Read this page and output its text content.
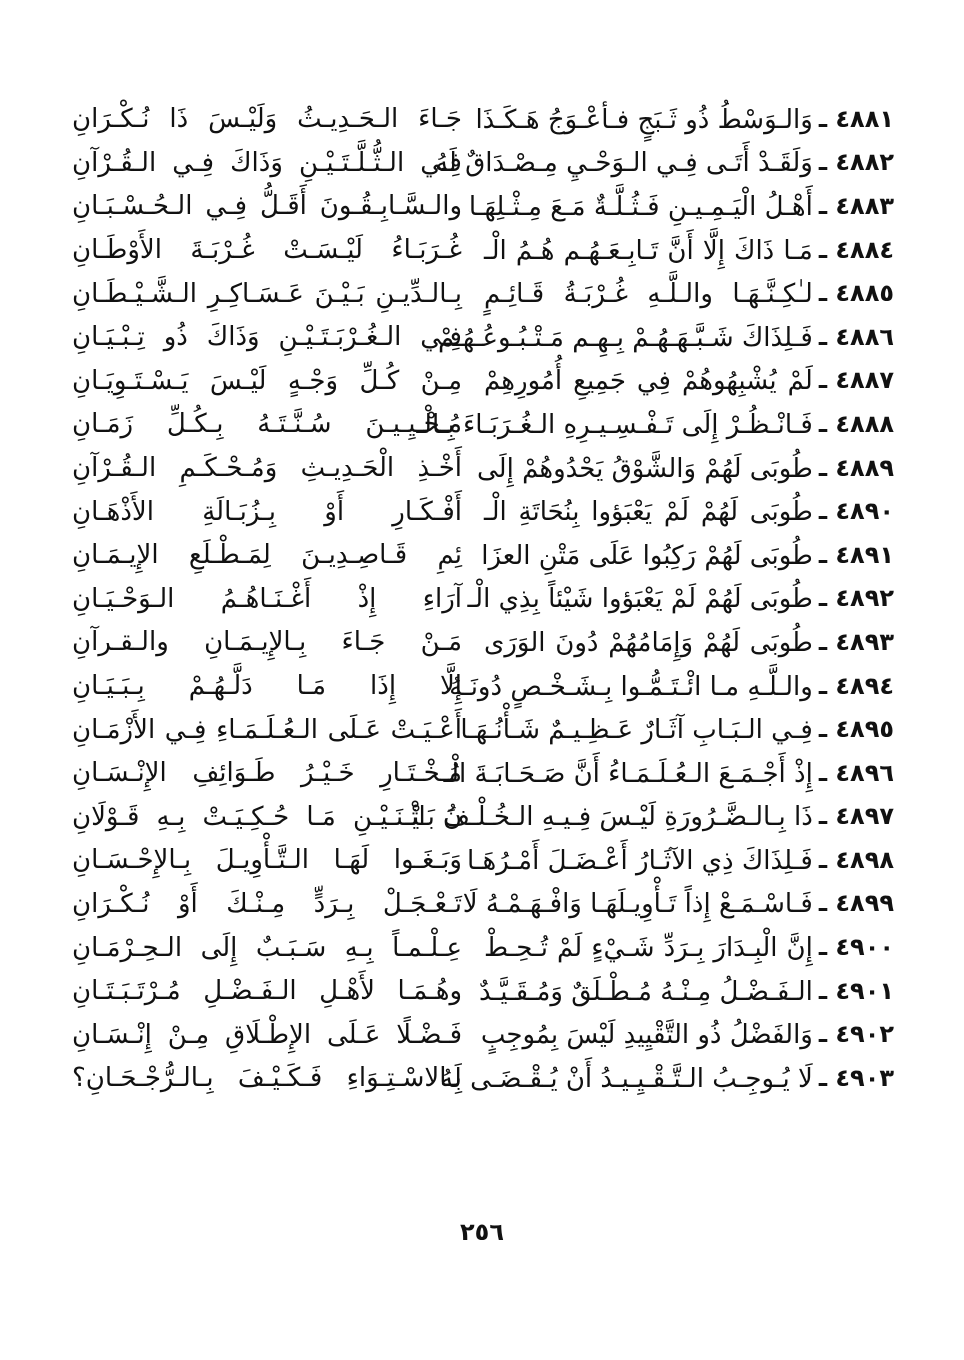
٤٨٨١ ـ
وَالـوَسْطُ ذُو ثَـبَجٍ فـأعْـوَجُ هَـكَـذَا
جَـاءَ الـحَـدِيـثُ وَلَيْـسَ ذَا نُـكْـرَانِ
٤٨٨٢ ـ
وَلَقَـدْ أَتَـى فِـي الـوَحْـيِ مِـصْـدَاقٌ لَهُ
فِـي الـثُّـلَّـتَـيْـنِ وَذَاكَ فِـي الـقُـرْآنِ
٤٨٨٣ ـ
أَهْـلُ الْيَـمِـيـنِ فَـثُـلَّـةٌ مَـعَ مِـثْـلِهَـا
والـسَّـابِـقُـونَ أَقَـلُّ فِـي الـحُـسْـبَـانِ
٤٨٨٤ ـ
مَـا ذَاكَ إِلَّا أَنَّ تَـابِـعَـهُـم هُـمُ الْـ
غُـرَبَـاءُ لَيْـسَـتْ غُـرْبَـةَ الأَوْطَـانِ
٤٨٨٥ ـ
لـٰكِـنَّـهَـا والـلَّـهِ غُـرْبَـةُ قَـائِـمٍ
بِـالـدِّيـنِ بَـيْـنَ عَـسَـاكِـرِ الـشَّـيْـطَـانِ
٤٨٨٦ ـ
فَـلِذَاكَ شَـبَّـهَـهُـمْ بِـهِـم مَـتْـبُـوعُـهُـمْ
فِـي الـغُـرْبَـتَـيْـنِ وَذَاكَ ذُو تِـبْـيَـانِ
٤٨٨٧ ـ
لَمْ يُشْبِهُوهُمْ فِي جَمِيعِ أُمُورِهِمْ
مِـنْ كُـلِّ وَجْـهٍ لَيْـسَ يَـسْـتَـوِيَـانِ
٤٨٨٨ ـ
فَـانْـظُـرْ إِلَى تَـفْـسِـيـرِهِ الـغُـرَبَـاءَ بِـالْـ
مُـحْـيِـيـنَ سُـنَّـتَـهُ بِـكُـلِّ زَمَـانِ
٤٨٨٩ ـ
طُوبَى لَهُمْ وَالشَّوْقُ يَحْدُوهُمْ إِلَى
أَخْـذِ الْحَـدِيـثِ وَمُـحْـكَـمِ الـقُـرْآنِ
٤٨٩٠ ـ
طُوبَى لَهُمْ لَمْ يَعْبَؤوا بِنُحَاتَةِ الْـ
أَفْـكَـارِ أَوْ بِـزُبَـالَةِ الأَذْهَـانِ
٤٨٩١ ـ
طُوبَى لَهُمْ رَكِبُوا عَلَى مَتْنِ العزَا
ئِمِ قَـاصِـدِيـنَ لِمَـطْـلَعِ الإِيـمَـانِ
٤٨٩٢ ـ
طُوبَى لَهُمْ لَمْ يَعْبَؤوا شَيْئاً بِذِي الْـ
آرَاءِ إِذْ أَغْـنَـاهُـمُ الـوَحْـيَـانِ
٤٨٩٣ ـ
طُوبَى لَهُمْ وَإِمَامُهُمْ دُونَ الوَرَى
مَـنْ جَـاءَ بِـالإِيـمَـانِ والـقـرآنِ
٤٨٩٤ ـ
والـلَّـهِ مـا ائْـتَـمُّـوا بِـشَـخْـصٍ دُونَـهُ
إِلَّا إِذَا مَـا دَلَّـهُـمْ بِـبَـيَـانِ
٤٨٩٥ ـ
فِـي الـبَـابِ آثَـارٌ عَـظِـيـمٌ شَـأْنُـهَـا
أَعْـيَـتْ عَـلَى الـعُـلَـمَـاءِ فِـي الأَزْمَـانِ
٤٨٩٦ ـ
إِذْ أَجْـمَـعَ الـعُـلَـمَـاءُ أَنَّ صَـحَـابَـةَ الْـ
مُـخْـتَـارِ خَـيْـرُ طَـوَائِفِ الإِنْـسَـانِ
٤٨٩٧ ـ
ذَا بِـالـضَّـرُورَةِ لَيْـسَ فِـيـهِ الـخُـلْـفُ بَـيْـ
نَ اثْـنَـيْـنِ مَـا حُـكِـيَـتْ بِـهِ قَـوْلَانِ
٤٨٩٨ ـ
فَـلِذَاكَ ذِي الآثَـارُ أَعْـضَـلَ أَمْـرُهَـا
وَبَـغَـوا لَهَـا الـتَّـأْوِيـلَ بِـالإِحْـسَـانِ
٤٨٩٩ ـ
فَـاسْـمَـعْ إِذاً تَـأْوِيـلَهَـا وَافْـهَـمْـهُ لَا
تَـعْـجَـلْ بِـرَدٍّ مِـنْـكَ أَوْ نُـكْـرَانِ
٤٩٠٠ ـ
إِنَّ الْبِـدَارَ بِـرَدِّ شَـيْءٍ لَمْ تُـحِـطْ
عِـلْـمـاً بِـهِ سَـبَـبٌ إِلَى الـحِـرْمَـانِ
٤٩٠١ ـ
الـفَـضْـلُ مِـنْـهُ مُـطْـلَقٌ وَمُـقَـيَّـدٌ
وهُـمَـا لأَهْـلِ الـفَـضْـلِ مُـرْتَـبَـتَـانِ
٤٩٠٢ ـ
وَالفَضْلُ ذُو التَّقْيِيدِ لَيْسَ بِمُوجِبٍ
فَـضْـلًا عَـلَى الإِطْـلَاقِ مِـنْ إِنْـسَـانِ
٤٩٠٣ ـ
لَا يُـوجِـبُ الـتَّـقْـيِـيـدُ أَنْ يُـقْـضَـى لَهُ
بِـالاسْـتِـوَاءِ فَـكَـيْـفَ بِـالـرُّجْـحَـانِ؟
٢٥٦
